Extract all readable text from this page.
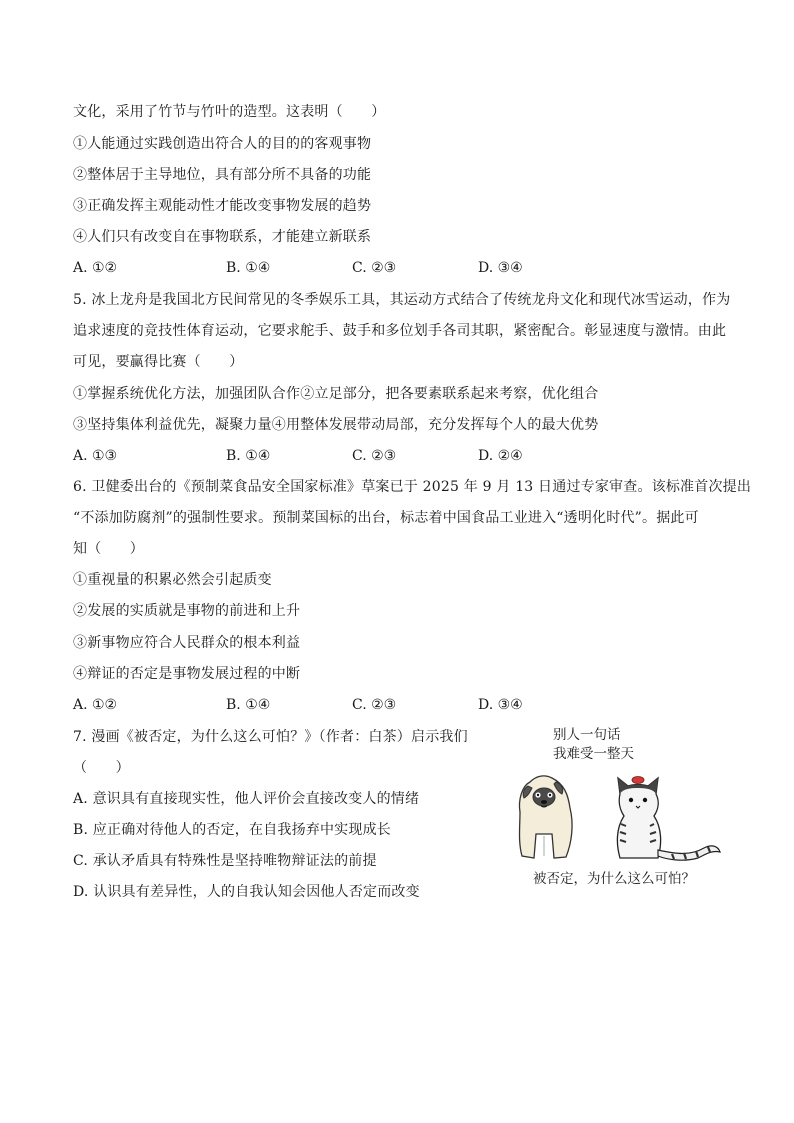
文化，采用了竹节与竹叶的造型。这表明（　　）
①人能通过实践创造出符合人的目的的客观事物
②整体居于主导地位，具有部分所不具备的功能
③正确发挥主观能动性才能改变事物发展的趋势
④人们只有改变自在事物联系，才能建立新联系
A. ①②	B. ①④	C. ②③	D. ③④
5. 冰上龙舟是我国北方民间常见的冬季娱乐工具，其运动方式结合了传统龙舟文化和现代冰雪运动，作为
追求速度的竞技性体育运动，它要求舵手、鼓手和多位划手各司其职，紧密配合。彰显速度与激情。由此
可见，要赢得比赛（　　）
①掌握系统优化方法，加强团队合作②立足部分，把各要素联系起来考察，优化组合
③坚持集体利益优先，凝聚力量④用整体发展带动局部，充分发挥每个人的最大优势
A. ①③	B. ①④	C. ②③	D. ②④
6. 卫健委出台的《预制菜食品安全国家标准》草案已于 2025 年 9 月 13 日通过专家审查。该标准首次提出
“不添加防腐剂”的强制性要求。预制菜国标的出台，标志着中国食品工业进入“透明化时代”。据此可
知（　　）
①重视量的积累必然会引起质变
②发展的实质就是事物的前进和上升
③新事物应符合人民群众的根本利益
④辩证的否定是事物发展过程的中断
A. ①②	B. ①④	C. ②③	D. ③④
7. 漫画《被否定，为什么这么可怕？》（作者：白茶）启示我们
（　　）
A. 意识具有直接现实性，他人评价会直接改变人的情绪
B. 应正确对待他人的否定，在自我扬弃中实现成长
C. 承认矛盾具有特殊性是坚持唯物辩证法的前提
D. 认识具有差异性，人的自我认知会因他人否定而改变
别人一句话
我难受一整天
被否定，为什么这么可怕？
